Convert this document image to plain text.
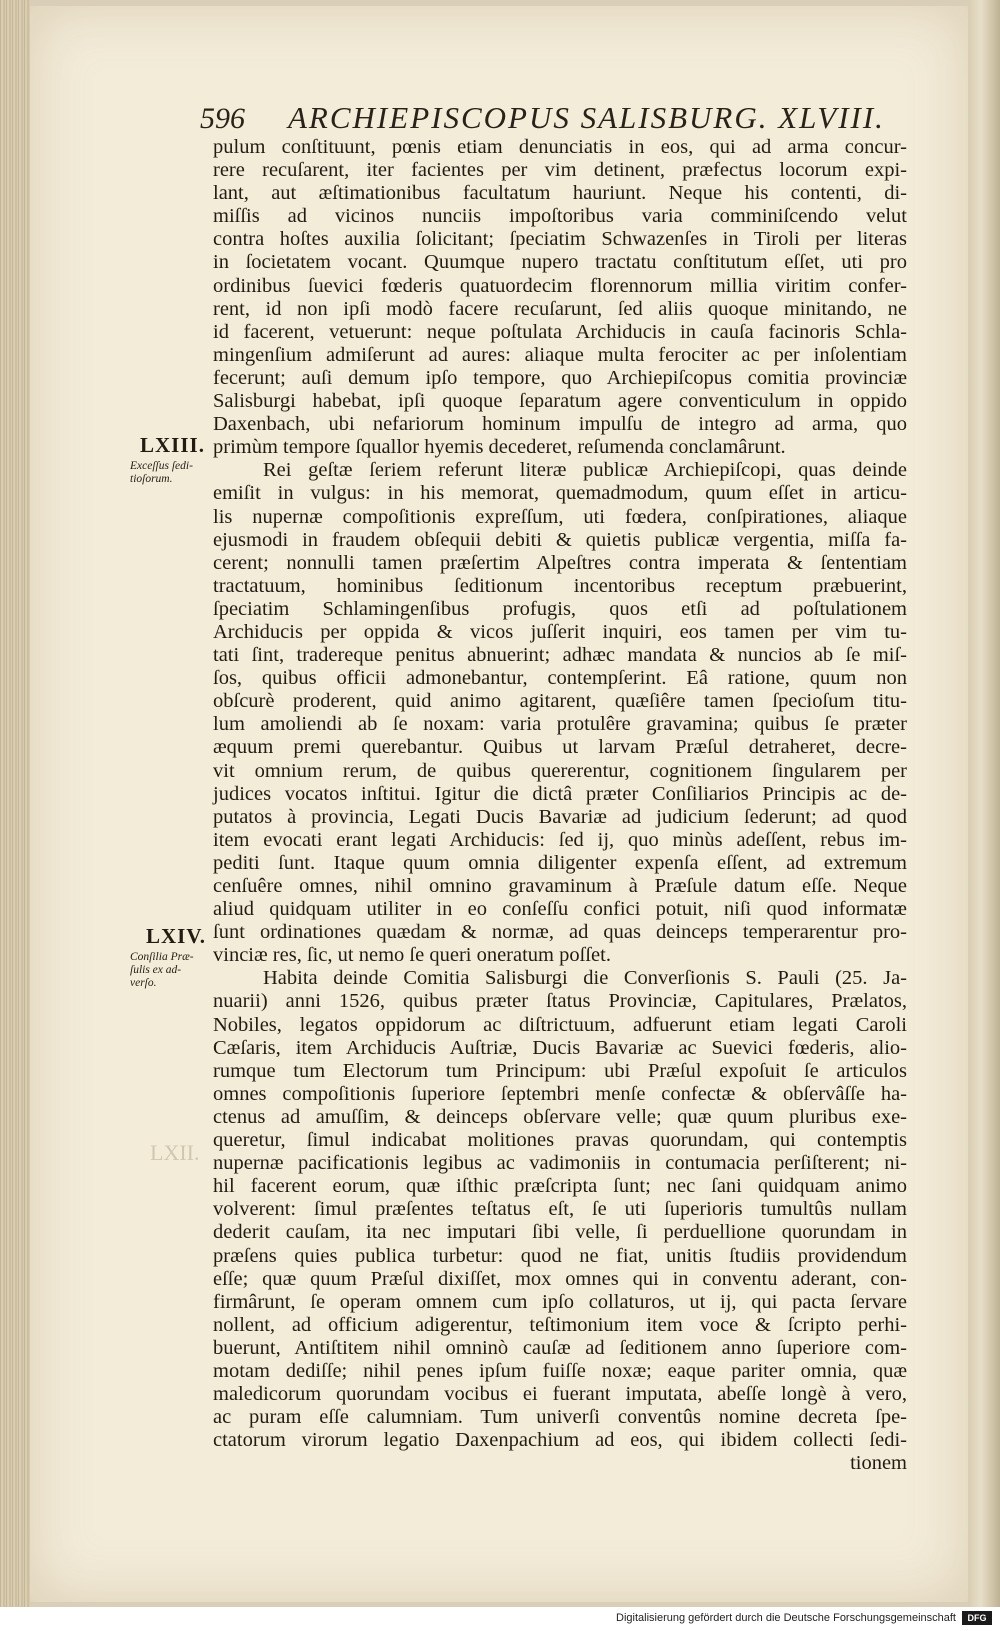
596 ARCHIEPISCOPUS SALISBURG. XLVIII.
LXII.
LXIII.
Exceſſus ſedi-
tioſorum.
LXIV.
Conſilia Præ-
ſulis ex ad-
verſo.
pulum conſtituunt, pœnis etiam denunciatis in eos, qui ad arma concur-
rere recuſarent, iter facientes per vim detinent, præfectus locorum expi-
lant, aut æſtimationibus facultatum hauriunt. Neque his contenti, di-
miſſis ad vicinos nunciis impoſtoribus varia comminiſcendo velut
contra hoſtes auxilia ſolicitant; ſpeciatim Schwazenſes in Tiroli per literas
in ſocietatem vocant. Quumque nupero tractatu conſtitutum eſſet, uti pro
ordinibus ſuevici fœderis quatuordecim florennorum millia viritim confer-
rent, id non ipſi modò facere recuſarunt, ſed aliis quoque minitando, ne
id facerent, vetuerunt: neque poſtulata Archiducis in cauſa facinoris Schla-
mingenſium admiſerunt ad aures: aliaque multa ferociter ac per inſolentiam
fecerunt; auſi demum ipſo tempore, quo Archiepiſcopus comitia provinciæ
Salisburgi habebat, ipſi quoque ſeparatum agere conventiculum in oppido
Daxenbach, ubi nefariorum hominum impulſu de integro ad arma, quo
primùm tempore ſquallor hyemis decederet, reſumenda conclamârunt.
Rei geſtæ ſeriem referunt literæ publicæ Archiepiſcopi, quas deinde
emiſit in vulgus: in his memorat, quemadmodum, quum eſſet in articu-
lis nupernæ compoſitionis expreſſum, uti fœdera, conſpirationes, aliaque
ejusmodi in fraudem obſequii debiti & quietis publicæ vergentia, miſſa fa-
cerent; nonnulli tamen præſertim Alpeſtres contra imperata & ſententiam
tractatuum, hominibus ſeditionum incentoribus receptum præbuerint,
ſpeciatim Schlamingenſibus profugis, quos etſi ad poſtulationem
Archiducis per oppida & vicos juſſerit inquiri, eos tamen per vim tu-
tati ſint, tradereque penitus abnuerint; adhæc mandata & nuncios ab ſe miſ-
ſos, quibus officii admonebantur, contempſerint. Eâ ratione, quum non
obſcurè proderent, quid animo agitarent, quæſiêre tamen ſpecioſum titu-
lum amoliendi ab ſe noxam: varia protulêre gravamina; quibus ſe præter
æquum premi querebantur. Quibus ut larvam Præſul detraheret, decre-
vit omnium rerum, de quibus quererentur, cognitionem ſingularem per
judices vocatos inſtitui. Igitur die dictâ præter Conſiliarios Principis ac de-
putatos à provincia, Legati Ducis Bavariæ ad judicium ſederunt; ad quod
item evocati erant legati Archiducis: ſed ij, quo minùs adeſſent, rebus im-
pediti ſunt. Itaque quum omnia diligenter expenſa eſſent, ad extremum
cenſuêre omnes, nihil omnino gravaminum à Præſule datum eſſe. Neque
aliud quidquam utiliter in eo conſeſſu confici potuit, niſi quod informatæ
ſunt ordinationes quædam & normæ, ad quas deinceps temperarentur pro-
vinciæ res, ſic, ut nemo ſe queri oneratum poſſet.
Habita deinde Comitia Salisburgi die Converſionis S. Pauli (25. Ja-
nuarii) anni 1526, quibus præter ſtatus Provinciæ, Capitulares, Prælatos,
Nobiles, legatos oppidorum ac diſtrictuum, adfuerunt etiam legati Caroli
Cæſaris, item Archiducis Auſtriæ, Ducis Bavariæ ac Suevici fœderis, alio-
rumque tum Electorum tum Principum: ubi Præſul expoſuit ſe articulos
omnes compoſitionis ſuperiore ſeptembri menſe confectæ & obſervâſſe ha-
ctenus ad amuſſim, & deinceps obſervare velle; quæ quum pluribus exe-
queretur, ſimul indicabat molitiones pravas quorundam, qui contemptis
nupernæ pacificationis legibus ac vadimoniis in contumacia perſiſterent; ni-
hil facerent eorum, quæ iſthic præſcripta ſunt; nec ſani quidquam animo
volverent: ſimul præſentes teſtatus eſt, ſe uti ſuperioris tumultûs nullam
dederit cauſam, ita nec imputari ſibi velle, ſi perduellione quorundam in
præſens quies publica turbetur: quod ne fiat, unitis ſtudiis providendum
eſſe; quæ quum Præſul dixiſſet, mox omnes qui in conventu aderant, con-
firmârunt, ſe operam omnem cum ipſo collaturos, ut ij, qui pacta ſervare
nollent, ad officium adigerentur, teſtimonium item voce & ſcripto perhi-
buerunt, Antiſtitem nihil omninò cauſæ ad ſeditionem anno ſuperiore com-
motam dediſſe; nihil penes ipſum fuiſſe noxæ; eaque pariter omnia, quæ
maledicorum quorundam vocibus ei fuerant imputata, abeſſe longè à vero,
ac puram eſſe calumniam. Tum univerſi conventûs nomine decreta ſpe-
ctatorum virorum legatio Daxenpachium ad eos, qui ibidem collecti ſedi-
tionem
Digitalisierung gefördert durch die Deutsche Forschungsgemeinschaft	DFG
